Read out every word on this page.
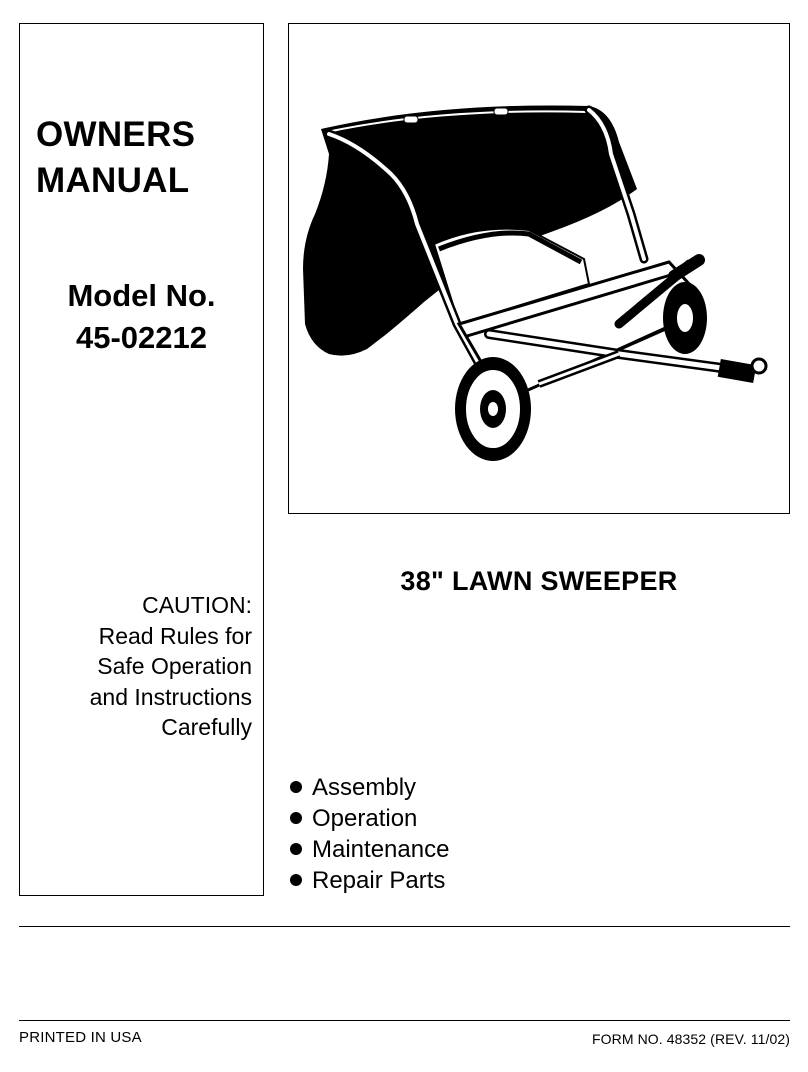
OWNERS
MANUAL
Model No.
45-02212
CAUTION:
Read Rules for
Safe Operation
and Instructions
Carefully
38" LAWN SWEEPER
Assembly
Operation
Maintenance
Repair Parts
PRINTED IN USA	FORM NO. 48352 (REV. 11/02)
